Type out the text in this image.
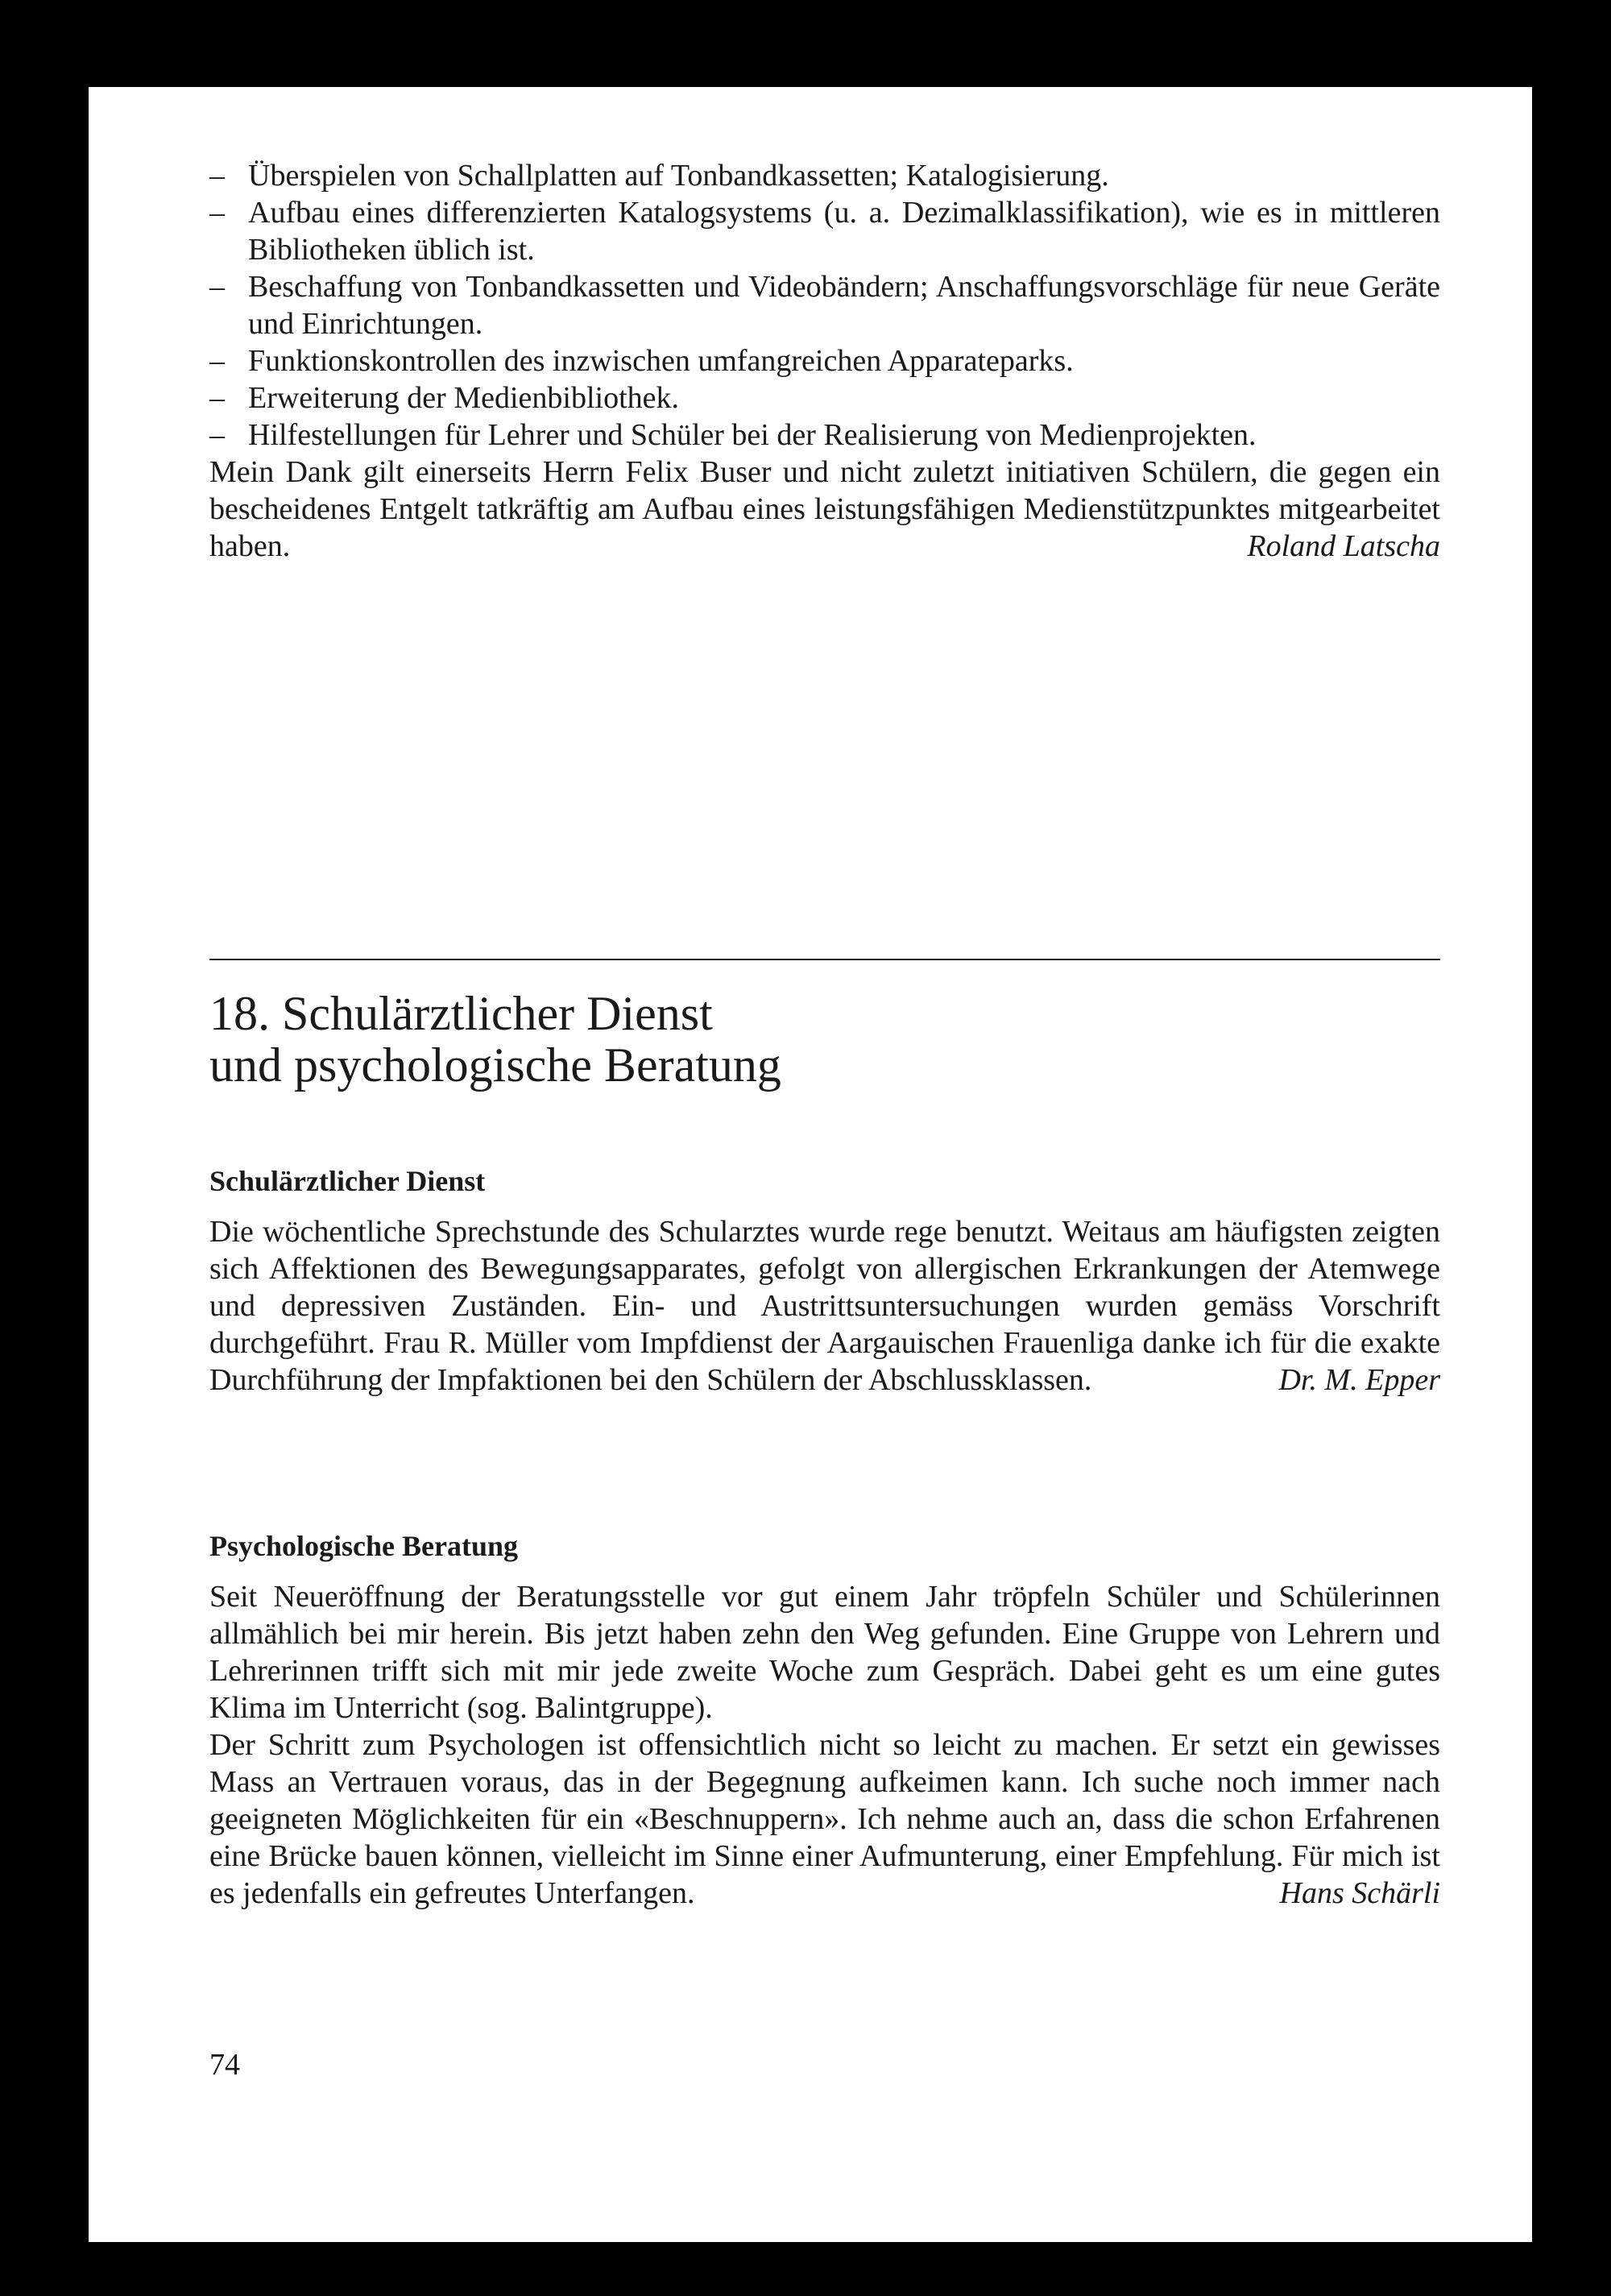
– Überspielen von Schallplatten auf Tonbandkassetten; Katalogisierung.
– Aufbau eines differenzierten Katalogsystems (u. a. Dezimalklassifikation), wie es in mittleren Bibliotheken üblich ist.
– Beschaffung von Tonbandkassetten und Videobändern; Anschaffungsvorschläge für neue Geräte und Einrichtungen.
– Funktionskontrollen des inzwischen umfangreichen Apparateparks.
– Erweiterung der Medienbibliothek.
– Hilfestellungen für Lehrer und Schüler bei der Realisierung von Medienprojekten.

Mein Dank gilt einerseits Herrn Felix Buser und nicht zuletzt initiativen Schülern, die gegen ein bescheidenes Entgelt tatkräftig am Aufbau eines leistungsfähigen Medienstützpunktes mitgearbeitet haben.	Roland Latscha

18. Schulärztlicher Dienst
und psychologische Beratung
Schulärztlicher Dienst

Die wöchentliche Sprechstunde des Schularztes wurde rege benutzt. Weitaus am häufigsten zeigten sich Affektionen des Bewegungsapparates, gefolgt von allergischen Erkrankungen der Atemwege und depressiven Zuständen. Ein- und Austrittsuntersuchungen wurden gemäss Vorschrift durchgeführt. Frau R. Müller vom Impfdienst der Aargauischen Frauenliga danke ich für die exakte Durchführung der Impfaktionen bei den Schülern der Abschlussklassen.	Dr. M. Epper

Psychologische Beratung

Seit Neueröffnung der Beratungsstelle vor gut einem Jahr tröpfeln Schüler und Schülerinnen allmählich bei mir herein. Bis jetzt haben zehn den Weg gefunden. Eine Gruppe von Lehrern und Lehrerinnen trifft sich mit mir jede zweite Woche zum Gespräch. Dabei geht es um eine gutes Klima im Unterricht (sog. Balintgruppe).

Der Schritt zum Psychologen ist offensichtlich nicht so leicht zu machen. Er setzt ein gewisses Mass an Vertrauen voraus, das in der Begegnung aufkeimen kann. Ich suche noch immer nach geeigneten Möglichkeiten für ein «Beschnuppern». Ich nehme auch an, dass die schon Erfahrenen eine Brücke bauen können, vielleicht im Sinne einer Aufmunterung, einer Empfehlung. Für mich ist es jedenfalls ein gefreutes Unterfangen.	Hans Schärli

74
